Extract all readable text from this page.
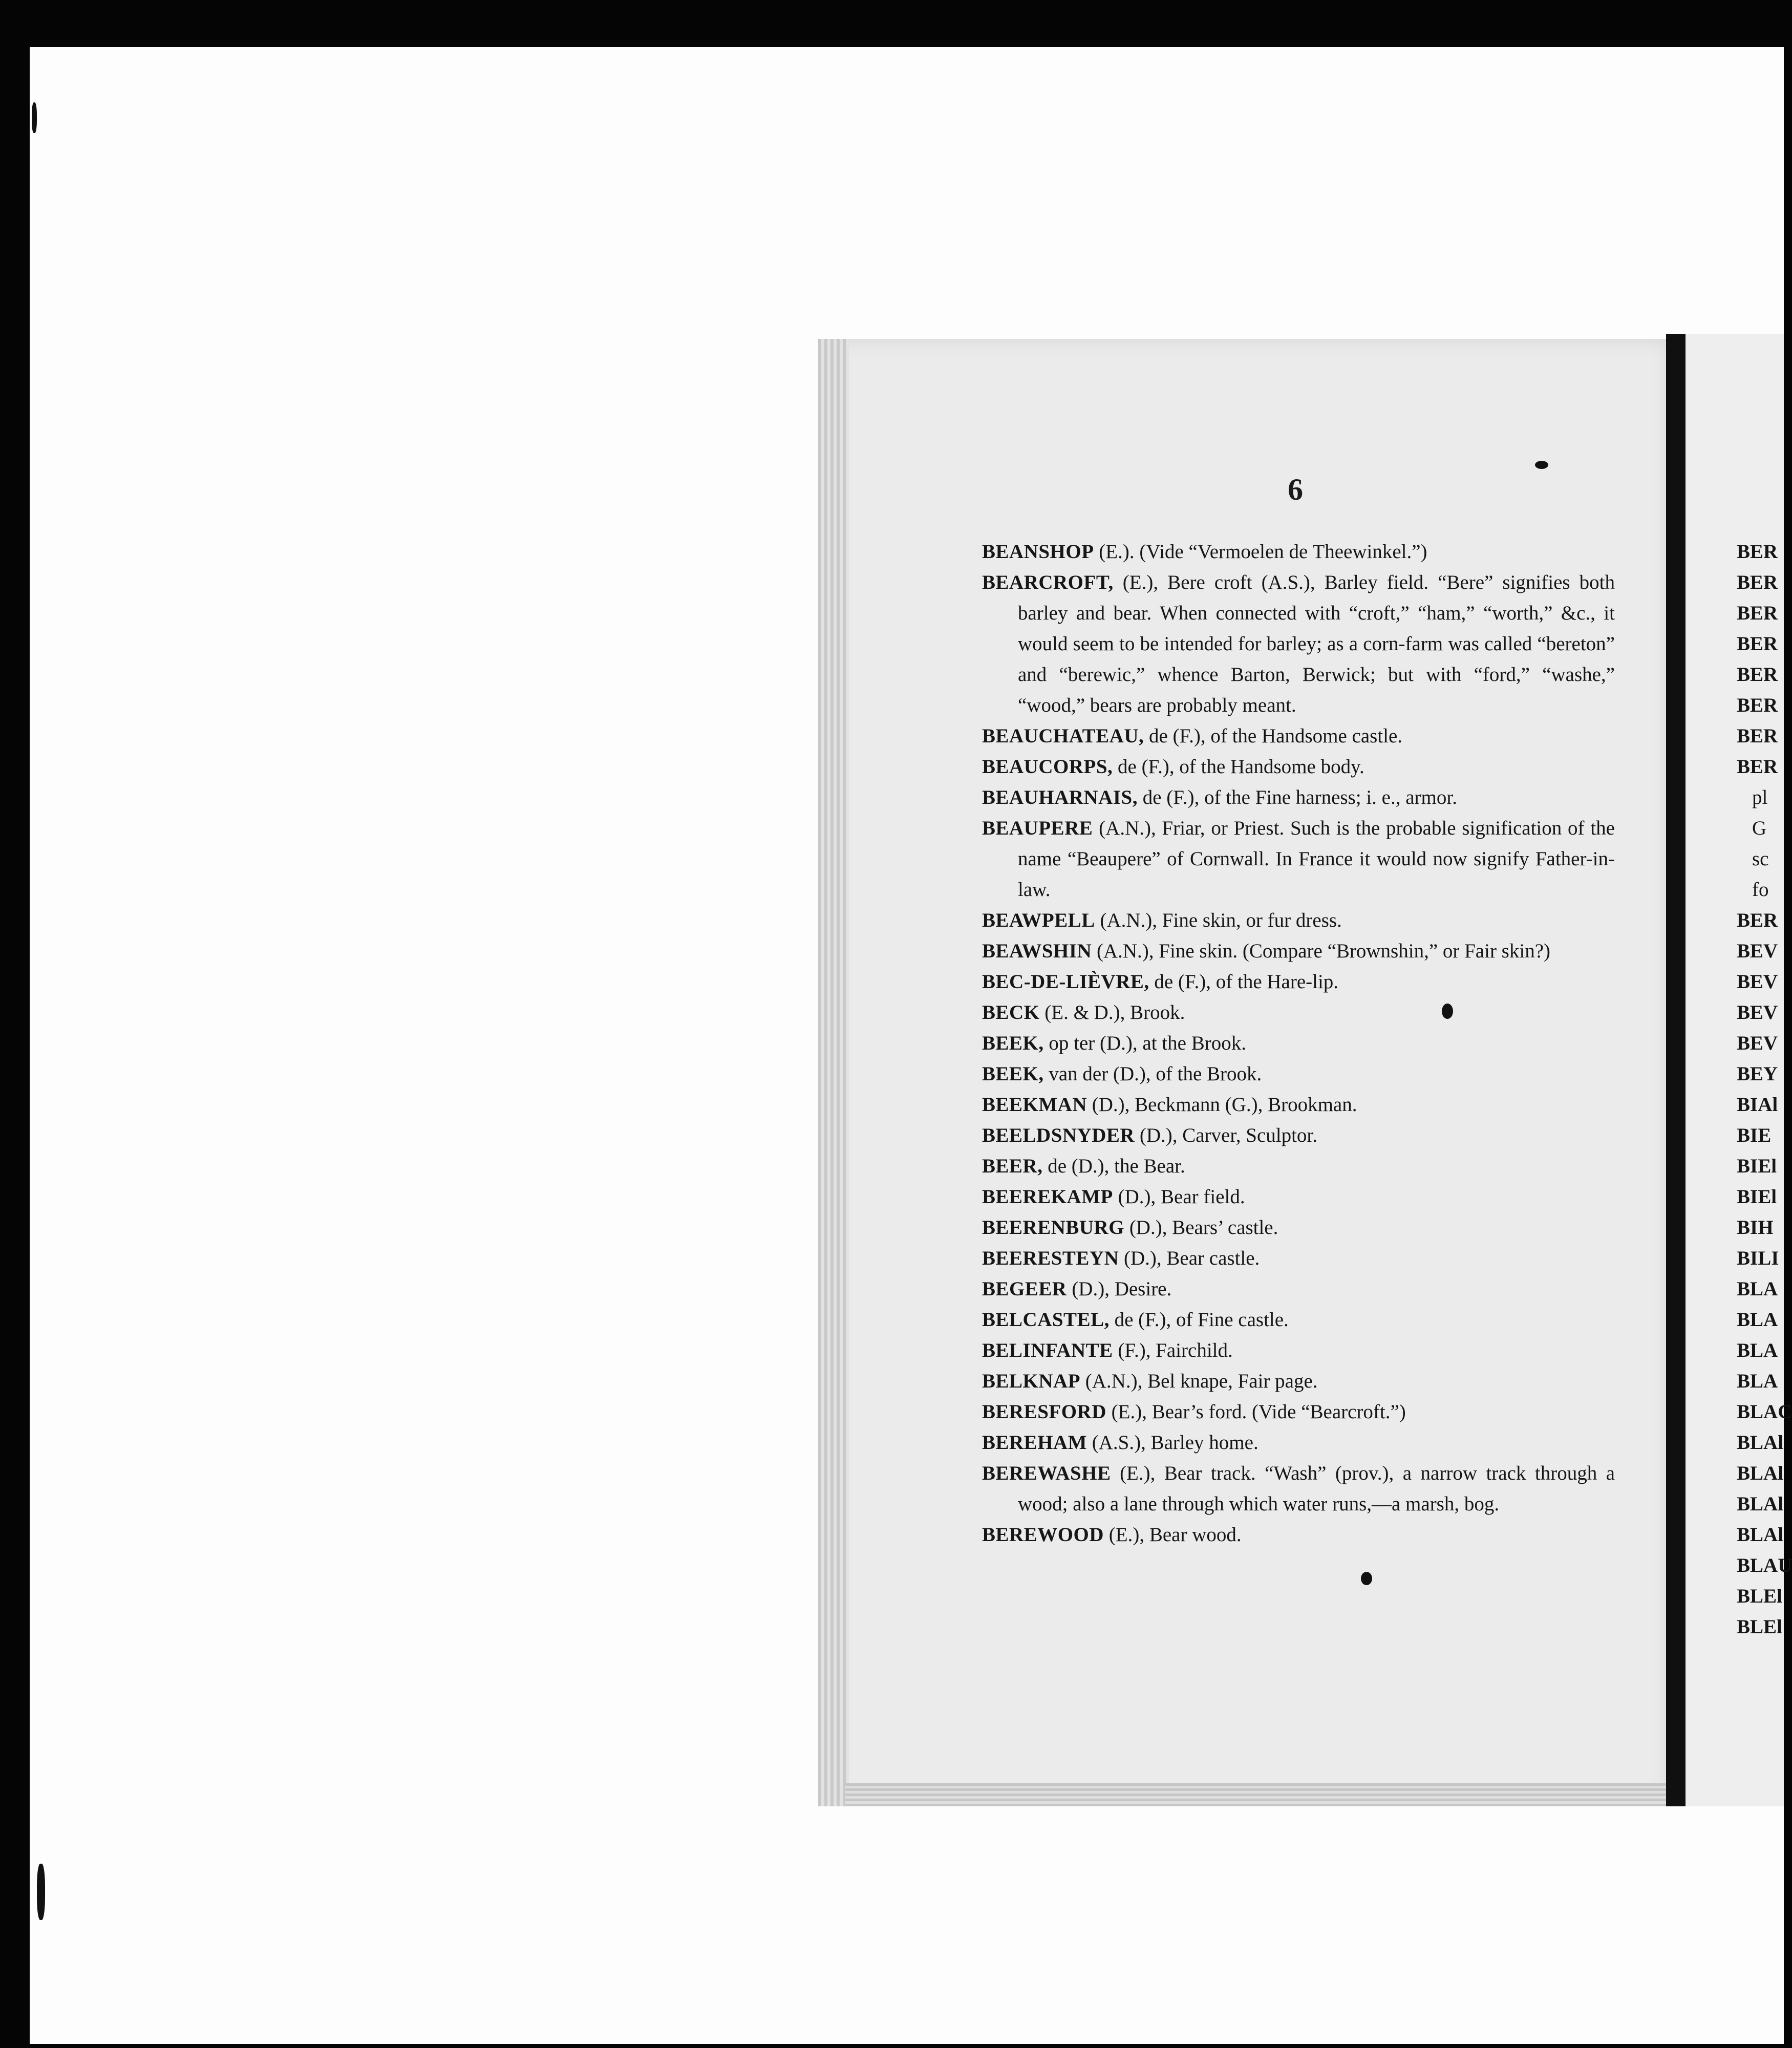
6
BEANSHOP (E.). (Vide “Vermoelen de Theewinkel.”)
BEARCROFT, (E.), Bere croft (A.S.), Barley field. “Bere” signifies both barley and bear. When connected with “croft,” “ham,” “worth,” &c., it would seem to be intended for barley; as a corn-farm was called “bereton” and “berewic,” whence Barton, Berwick; but with “ford,” “washe,” “wood,” bears are probably meant.
BEAUCHATEAU, de (F.), of the Handsome castle.
BEAUCORPS, de (F.), of the Handsome body.
BEAUHARNAIS, de (F.), of the Fine harness; i. e., armor.
BEAUPERE (A.N.), Friar, or Priest. Such is the probable signification of the name “Beaupere” of Cornwall. In France it would now signify Father-in-law.
BEAWPELL (A.N.), Fine skin, or fur dress.
BEAWSHIN (A.N.), Fine skin. (Compare “Brownshin,” or Fair skin?)
BEC-DE-LIÈVRE, de (F.), of the Hare-lip.
BECK (E. & D.), Brook.
BEEK, op ter (D.), at the Brook.
BEEK, van der (D.), of the Brook.
BEEKMAN (D.), Beckmann (G.), Brookman.
BEELDSNYDER (D.), Carver, Sculptor.
BEER, de (D.), the Bear.
BEEREKAMP (D.), Bear field.
BEERENBURG (D.), Bears’ castle.
BEERESTEYN (D.), Bear castle.
BEGEER (D.), Desire.
BELCASTEL, de (F.), of Fine castle.
BELINFANTE (F.), Fairchild.
BELKNAP (A.N.), Bel knape, Fair page.
BERESFORD (E.), Bear’s ford. (Vide “Bearcroft.”)
BEREHAM (A.S.), Barley home.
BEREWASHE (E.), Bear track. “Wash” (prov.), a narrow track through a wood; also a lane through which water runs,—a marsh, bog.
BEREWOOD (E.), Bear wood.
BER
BER
BER
BER
BER
BER
BER
BER
pl
G
sc
fo
BER
BEV
BEV
BEV
BEV
BEY
BIAl
BIE
BIEl
BIEl
BIH
BILI
BLA
BLA
BLA
BLA
BLAC
BLAl
BLAl
BLAl
BLAl
BLAU
BLEl
BLEl
